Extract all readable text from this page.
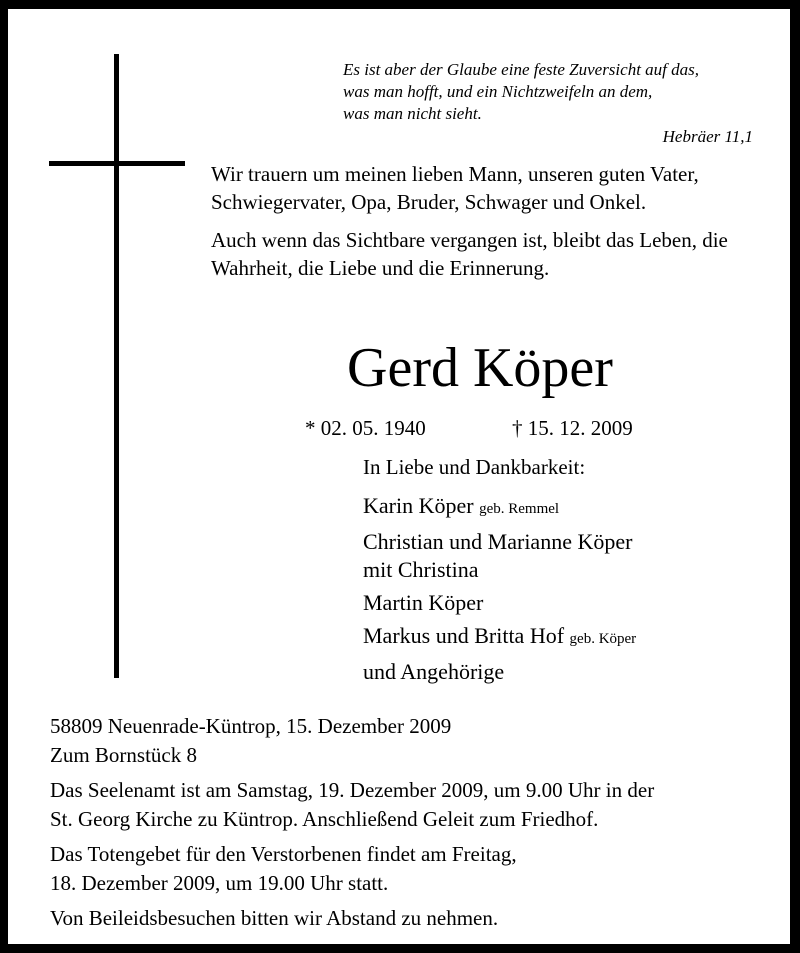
Es ist aber der Glaube eine feste Zuversicht auf das,
was man hofft, und ein Nichtzweifeln an dem,
was man nicht sieht.
Hebräer 11,1

Wir trauern um meinen lieben Mann, unseren guten Vater, Schwiegervater, Opa, Bruder, Schwager und Onkel.

Auch wenn das Sichtbare vergangen ist, bleibt das Leben, die Wahrheit, die Liebe und die Erinnerung.

Gerd Köper
* 02. 05. 1940	† 15. 12. 2009
In Liebe und Dankbarkeit:
Karin Köper geb. Remmel
Christian und Marianne Köper
mit Christina
Martin Köper
Markus und Britta Hof geb. Köper
und Angehörige

58809 Neuenrade-Küntrop, 15. Dezember 2009
Zum Bornstück 8

Das Seelenamt ist am Samstag, 19. Dezember 2009, um 9.00 Uhr in der
St. Georg Kirche zu Küntrop. Anschließend Geleit zum Friedhof.

Das Totengebet für den Verstorbenen findet am Freitag,
18. Dezember 2009, um 19.00 Uhr statt.

Von Beileidsbesuchen bitten wir Abstand zu nehmen.
